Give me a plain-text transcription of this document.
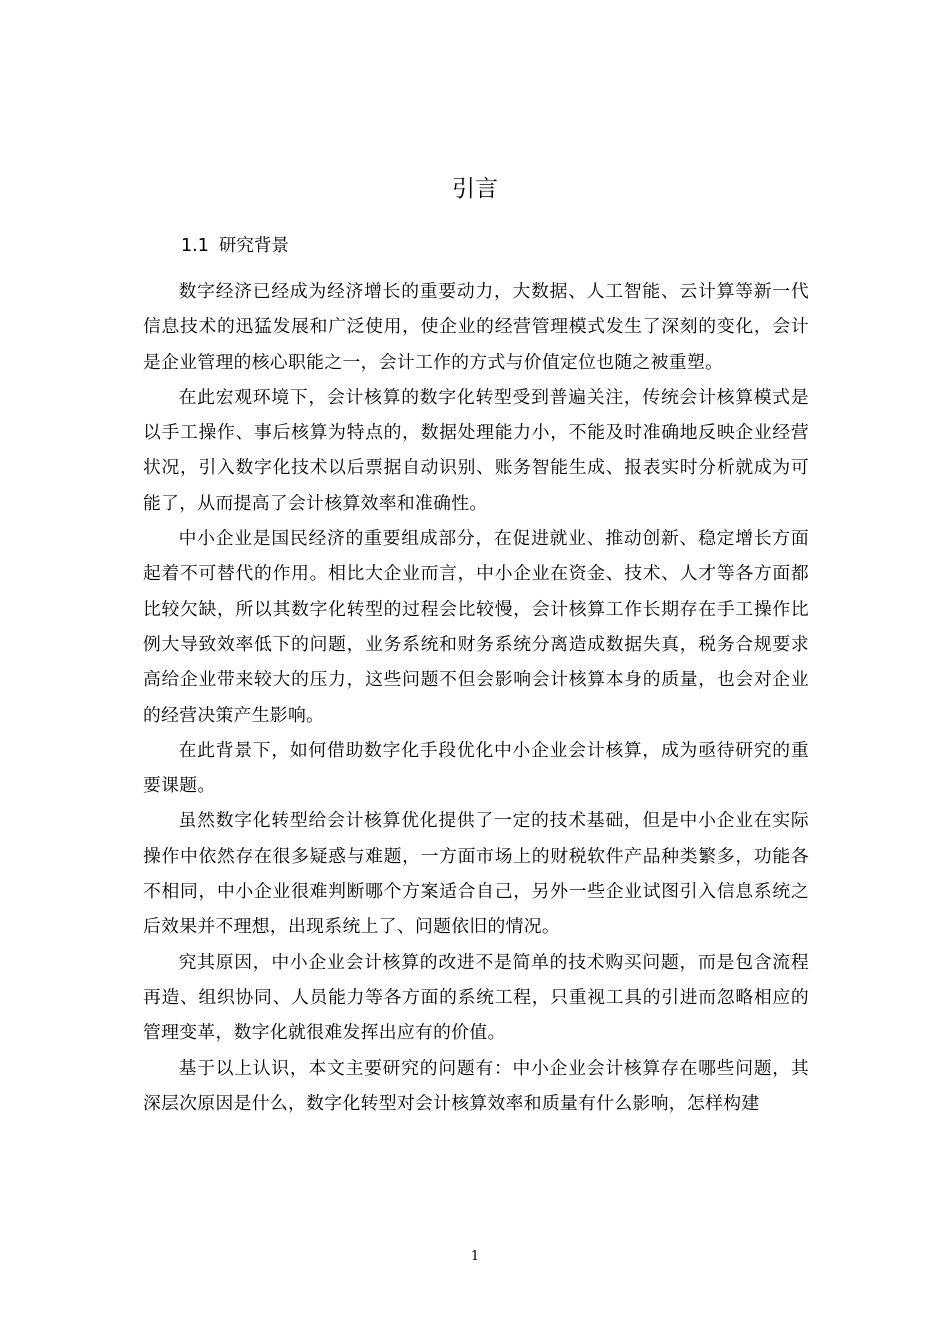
引言
1.1 研究背景

数字经济已经成为经济增长的重要动力，大数据、人工智能、云计算等新一代信息技术的迅猛发展和广泛使用，使企业的经营管理模式发生了深刻的变化，会计是企业管理的核心职能之一，会计工作的方式与价值定位也随之被重塑。

在此宏观环境下，会计核算的数字化转型受到普遍关注，传统会计核算模式是以手工操作、事后核算为特点的，数据处理能力小，不能及时准确地反映企业经营状况，引入数字化技术以后票据自动识别、账务智能生成、报表实时分析就成为可能了，从而提高了会计核算效率和准确性。

中小企业是国民经济的重要组成部分，在促进就业、推动创新、稳定增长方面起着不可替代的作用。相比大企业而言，中小企业在资金、技术、人才等各方面都比较欠缺，所以其数字化转型的过程会比较慢，会计核算工作长期存在手工操作比例大导致效率低下的问题，业务系统和财务系统分离造成数据失真，税务合规要求高给企业带来较大的压力，这些问题不但会影响会计核算本身的质量，也会对企业的经营决策产生影响。

在此背景下，如何借助数字化手段优化中小企业会计核算，成为亟待研究的重要课题。

虽然数字化转型给会计核算优化提供了一定的技术基础，但是中小企业在实际操作中依然存在很多疑惑与难题，一方面市场上的财税软件产品种类繁多，功能各不相同，中小企业很难判断哪个方案适合自己，另外一些企业试图引入信息系统之后效果并不理想，出现系统上了、问题依旧的情况。

究其原因，中小企业会计核算的改进不是简单的技术购买问题，而是包含流程再造、组织协同、人员能力等各方面的系统工程，只重视工具的引进而忽略相应的管理变革，数字化就很难发挥出应有的价值。

基于以上认识，本文主要研究的问题有：中小企业会计核算存在哪些问题，其深层次原因是什么，数字化转型对会计核算效率和质量有什么影响，怎样构建

1
